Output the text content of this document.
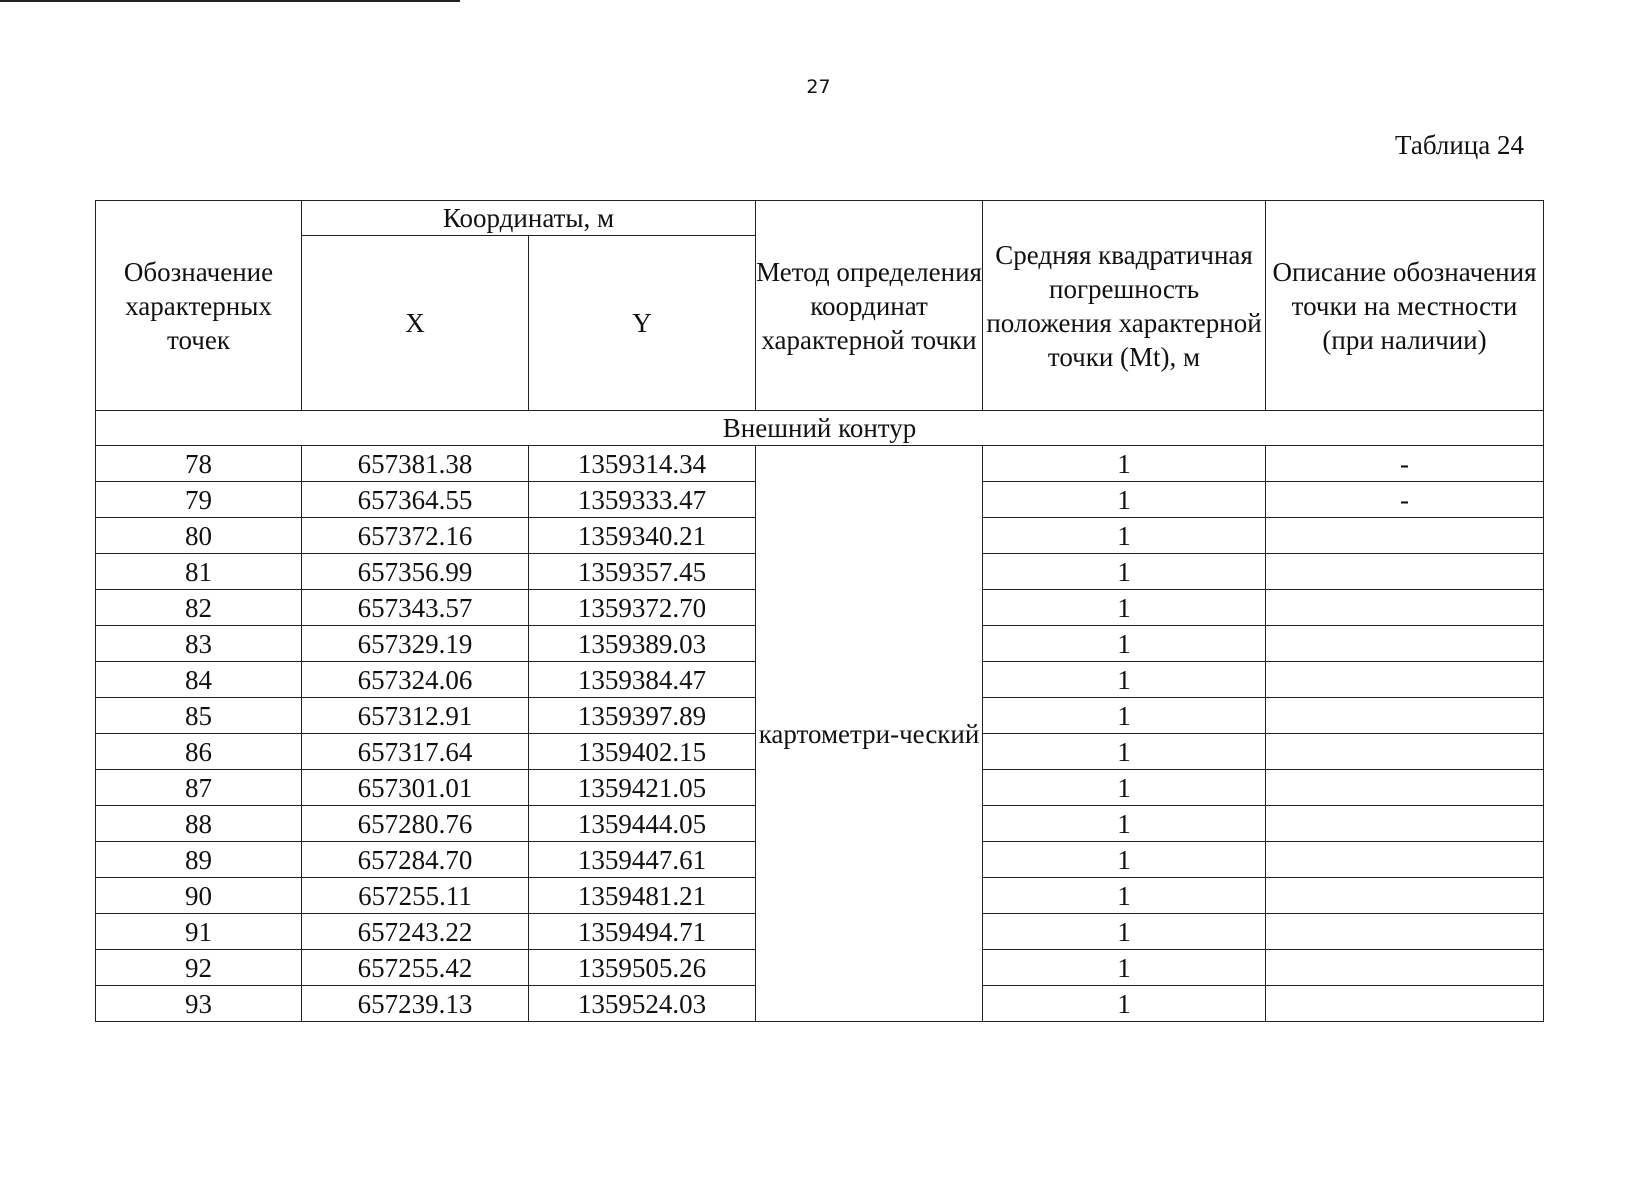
27
Таблица 24
Обозначение характерных точек	Координаты, м		Метод определения координат характерной точки	Средняя квадратичная погрешность положения характерной точки (Mt), м	Описание обозначения точки на местности (при наличии)
	X	Y			
Внешний контур					
78	657381.38	1359314.34	картометри-ческий	1	-
79	657364.55	1359333.47		1	-
80	657372.16	1359340.21		1	
81	657356.99	1359357.45		1	
82	657343.57	1359372.70		1	
83	657329.19	1359389.03		1	
84	657324.06	1359384.47		1	
85	657312.91	1359397.89		1	
86	657317.64	1359402.15		1	
87	657301.01	1359421.05		1	
88	657280.76	1359444.05		1	
89	657284.70	1359447.61		1	
90	657255.11	1359481.21		1	
91	657243.22	1359494.71		1	
92	657255.42	1359505.26		1	
93	657239.13	1359524.03		1	
